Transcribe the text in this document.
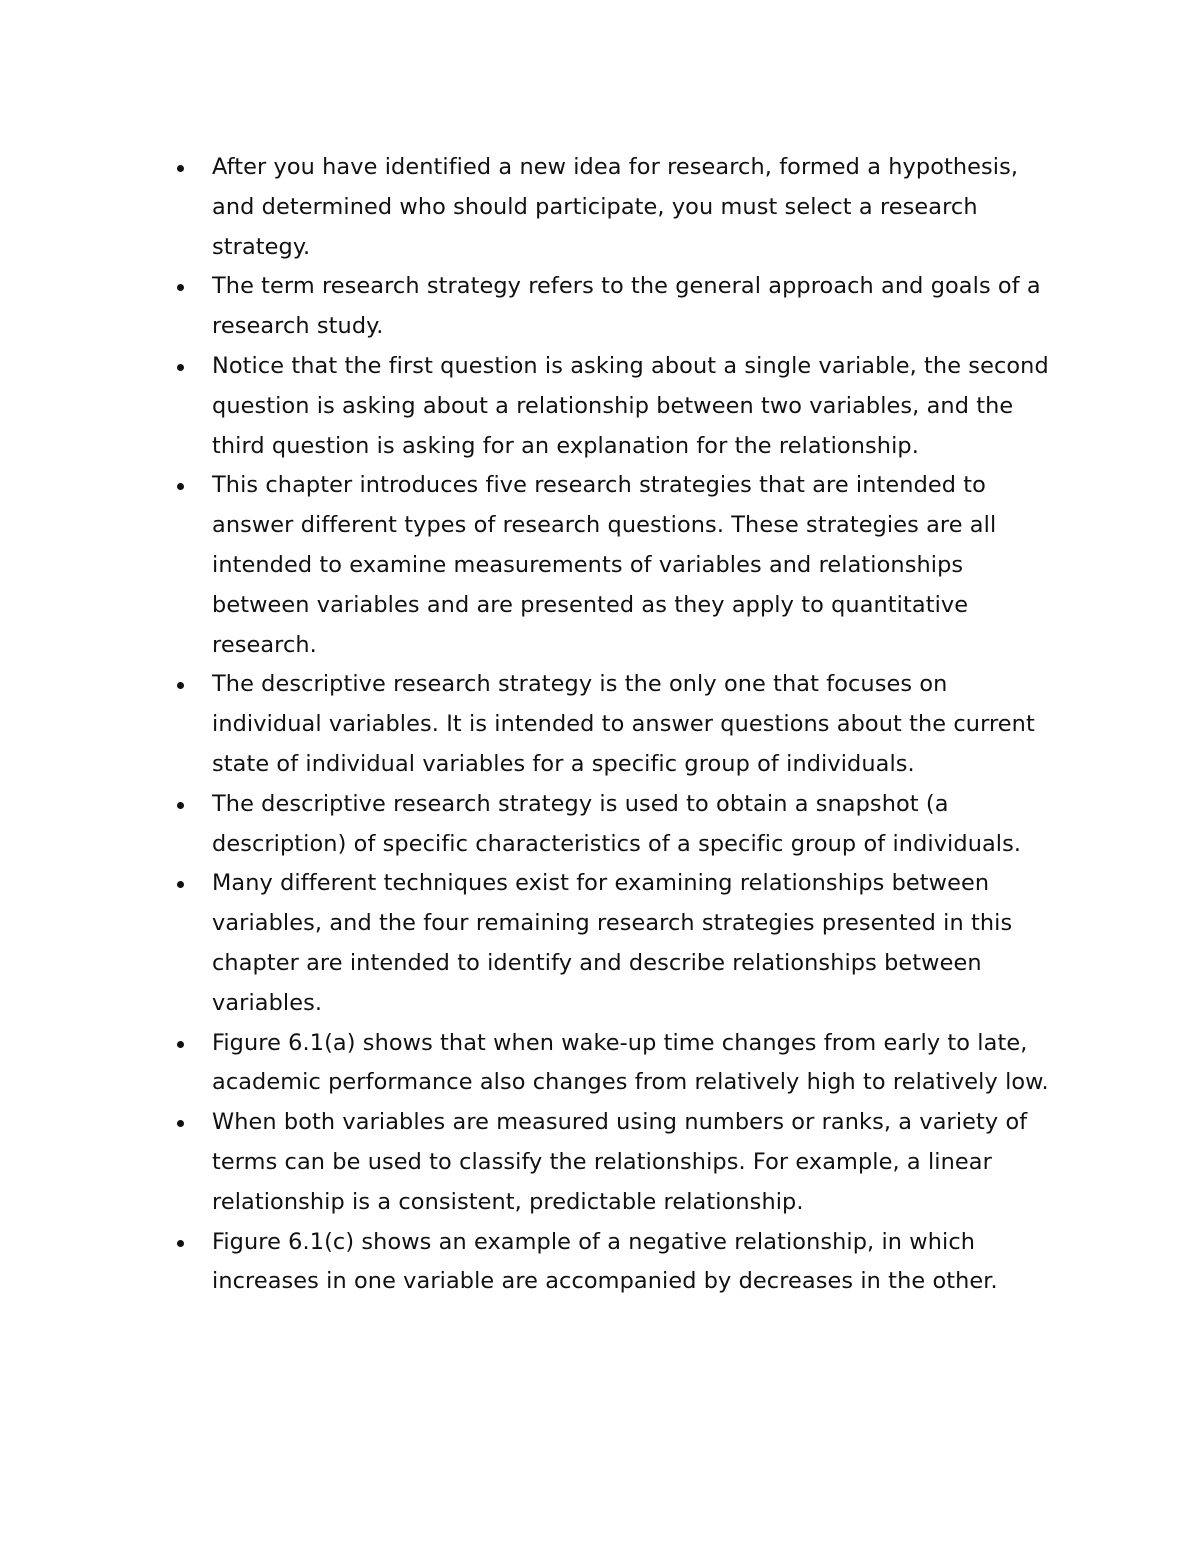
After you have identified a new idea for research, formed a hypothesis, and determined who should participate, you must select a research strategy.
The term research strategy refers to the general approach and goals of a research study.
Notice that the first question is asking about a single variable, the second question is asking about a relationship between two variables, and the third question is asking for an explanation for the relationship.
This chapter introduces five research strategies that are intended to answer different types of research questions. These strategies are all intended to examine measurements of variables and relationships between variables and are presented as they apply to quantitative research.
The descriptive research strategy is the only one that focuses on individual variables. It is intended to answer questions about the current state of individual variables for a specific group of individuals.
The descriptive research strategy is used to obtain a snapshot (a description) of specific characteristics of a specific group of individuals.
Many different techniques exist for examining relationships between variables, and the four remaining research strategies presented in this chapter are intended to identify and describe relationships between variables.
Figure 6.1(a) shows that when wake-up time changes from early to late, academic performance also changes from relatively high to relatively low.
When both variables are measured using numbers or ranks, a variety of terms can be used to classify the relationships. For example, a linear relationship is a consistent, predictable relationship.
Figure 6.1(c) shows an example of a negative relationship, in which increases in one variable are accompanied by decreases in the other.
